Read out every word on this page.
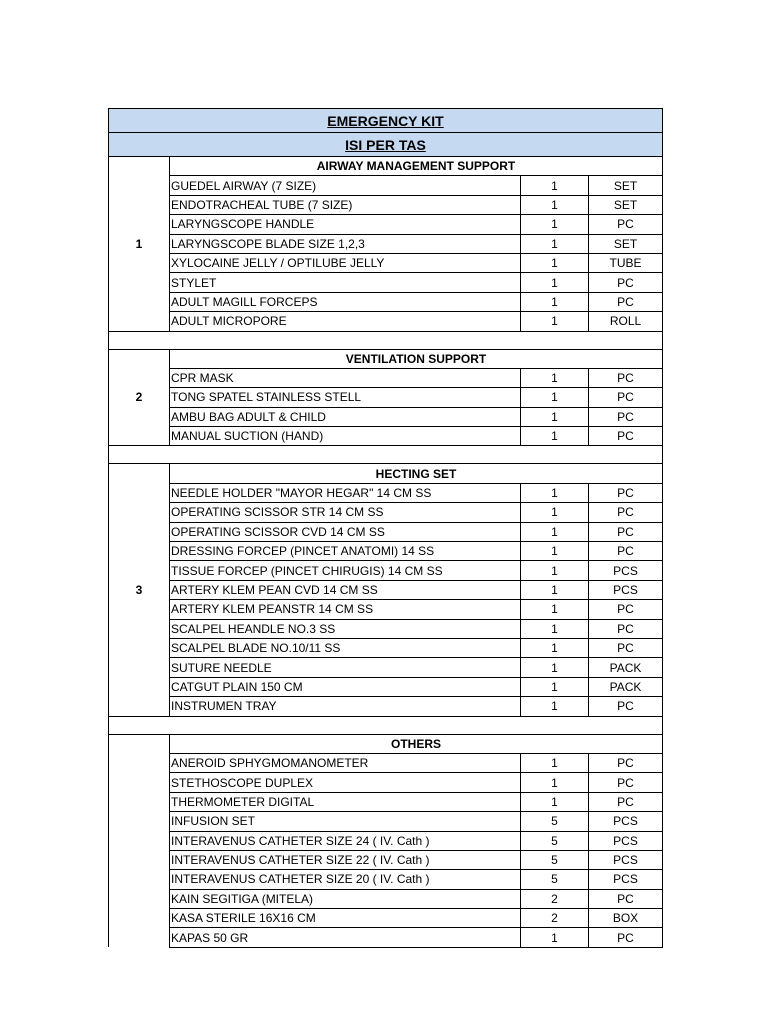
EMERGENCY KIT			
ISI PER TAS			
1	AIRWAY MANAGEMENT SUPPORT		
	GUEDEL AIRWAY (7 SIZE)	1	SET
	ENDOTRACHEAL TUBE (7 SIZE)	1	SET
	LARYNGSCOPE HANDLE	1	PC
	LARYNGSCOPE BLADE SIZE 1,2,3	1	SET
	XYLOCAINE JELLY / OPTILUBE JELLY	1	TUBE
	STYLET	1	PC
	ADULT MAGILL FORCEPS	1	PC
	ADULT MICROPORE	1	ROLL

2	VENTILATION SUPPORT		
	CPR MASK	1	PC
	TONG SPATEL STAINLESS STELL	1	PC
	AMBU BAG ADULT & CHILD	1	PC
	MANUAL SUCTION (HAND)	1	PC

3	HECTING SET		
	NEEDLE HOLDER "MAYOR HEGAR" 14 CM SS	1	PC
	OPERATING SCISSOR STR 14 CM SS	1	PC
	OPERATING SCISSOR CVD 14 CM SS	1	PC
	DRESSING FORCEP (PINCET ANATOMI) 14 SS	1	PC
	TISSUE FORCEP (PINCET CHIRUGIS) 14 CM SS	1	PCS
	ARTERY KLEM PEAN CVD 14 CM SS	1	PCS
	ARTERY KLEM PEANSTR 14 CM SS	1	PC
	SCALPEL HEANDLE NO.3 SS	1	PC
	SCALPEL BLADE NO.10/11 SS	1	PC
	SUTURE NEEDLE	1	PACK
	CATGUT PLAIN 150 CM	1	PACK
	INSTRUMEN TRAY	1	PC

	OTHERS		
	ANEROID SPHYGMOMANOMETER	1	PC
	STETHOSCOPE DUPLEX	1	PC
	THERMOMETER DIGITAL	1	PC
	INFUSION SET	5	PCS
	INTERAVENUS CATHETER SIZE 24 ( IV. Cath )	5	PCS
	INTERAVENUS CATHETER SIZE 22 ( IV. Cath )	5	PCS
	INTERAVENUS CATHETER SIZE 20 ( IV. Cath )	5	PCS
	KAIN SEGITIGA (MITELA)	2	PC
	KASA STERILE 16X16 CM	2	BOX
	KAPAS 50 GR	1	PC
